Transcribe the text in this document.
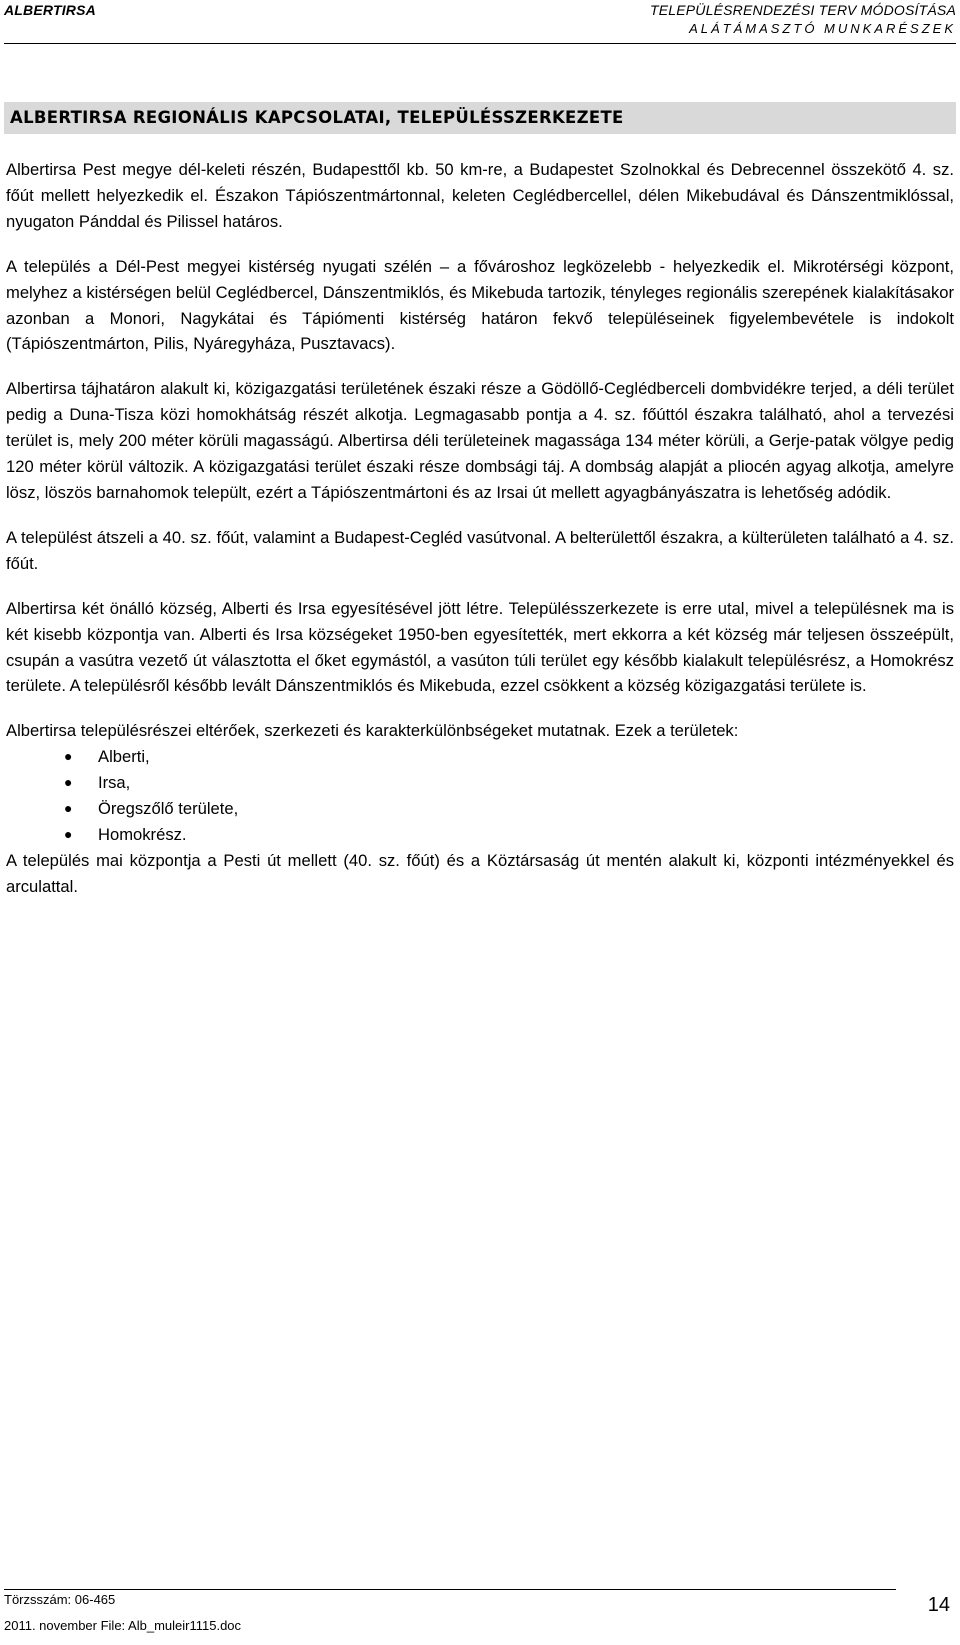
ALBERTIRSA	TELEPÜLÉSRENDEZÉSI TERV MÓDOSÍTÁSA
ALÁTÁMASZTÓ MUNKARÉSZEK
ALBERTIRSA REGIONÁLIS KAPCSOLATAI, TELEPÜLÉSSZERKEZETE

Albertirsa Pest megye dél-keleti részén, Budapesttől kb. 50 km-re, a Budapestet Szolnokkal és Debrecennel összekötő 4. sz. főút mellett helyezkedik el. Északon Tápiószentmártonnal, keleten Ceglédbercellel, délen Mikebudával és Dánszentmiklóssal, nyugaton Pánddal és Pilissel határos.

A település a Dél-Pest megyei kistérség nyugati szélén – a fővároshoz legközelebb - helyezkedik el. Mikrotérségi központ, melyhez a kistérségen belül Ceglédbercel, Dánszentmiklós, és Mikebuda tartozik, tényleges regionális szerepének kialakításakor azonban a Monori, Nagykátai és Tápiómenti kistérség határon fekvő településeinek figyelembevétele is indokolt (Tápiószentmárton, Pilis, Nyáregyháza, Pusztavacs).

Albertirsa tájhatáron alakult ki, közigazgatási területének északi része a Gödöllő-Ceglédberceli dombvidékre terjed, a déli terület pedig a Duna-Tisza közi homokhátság részét alkotja. Legmagasabb pontja a 4. sz. főúttól északra található, ahol a tervezési terület is, mely 200 méter körüli magasságú. Albertirsa déli területeinek magassága 134 méter körüli, a Gerje-patak völgye pedig 120 méter körül változik. A közigazgatási terület északi része dombsági táj. A dombság alapját a pliocén agyag alkotja, amelyre lösz, löszös barnahomok települt, ezért a Tápiószentmártoni és az Irsai út mellett agyagbányászatra is lehetőség adódik.

A települést átszeli a 40. sz. főút, valamint a Budapest-Cegléd vasútvonal. A belterülettől északra, a külterületen található a 4. sz. főút.

Albertirsa két önálló község, Alberti és Irsa egyesítésével jött létre. Településszerkezete is erre utal, mivel a településnek ma is két kisebb központja van. Alberti és Irsa községeket 1950-ben egyesítették, mert ekkorra a két község már teljesen összeépült, csupán a vasútra vezető út választotta el őket egymástól, a vasúton túli terület egy később kialakult településrész, a Homokrész területe. A településről később levált Dánszentmiklós és Mikebuda, ezzel csökkent a község közigazgatási területe is.

Albertirsa településrészei eltérőek, szerkezeti és karakterkülönbségeket mutatnak. Ezek a területek:

● Alberti,
● Irsa,
● Öregszőlő területe,
● Homokrész.

A település mai központja a Pesti út mellett (40. sz. főút) és a Köztársaság út mentén alakult ki, központi intézményekkel és arculattal.

Törzsszám: 06-465
2011. november File: Alb_muleir1115.doc
14
